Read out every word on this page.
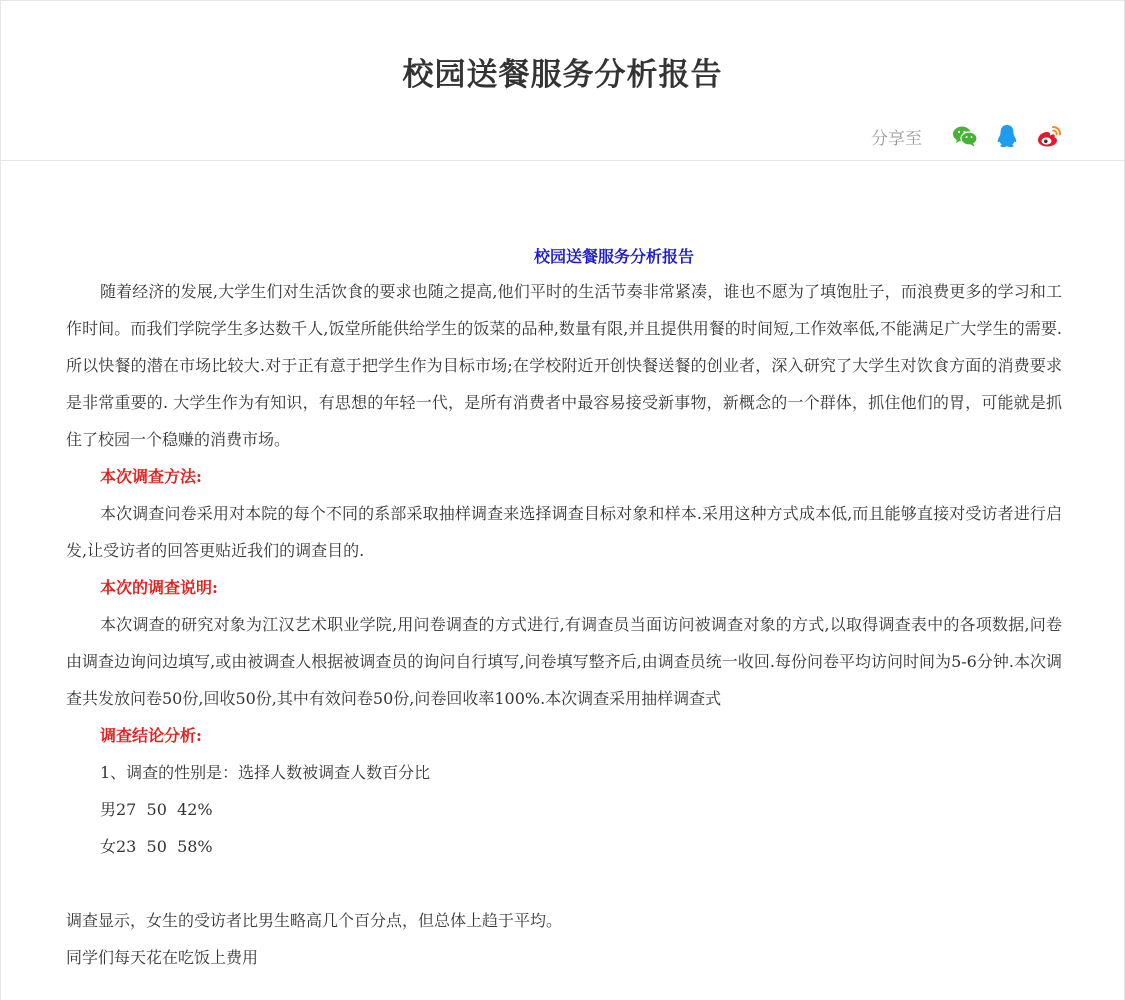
校园送餐服务分析报告
分享至
校园送餐服务分析报告

随着经济的发展,大学生们对生活饮食的要求也随之提高,他们平时的生活节奏非常紧凑，谁也不愿为了填饱肚子，而浪费更多的学习和工作时间。而我们学院学生多达数千人,饭堂所能供给学生的饭菜的品种,数量有限,并且提供用餐的时间短,工作效率低,不能满足广大学生的需要. 所以快餐的潜在市场比较大.对于正有意于把学生作为目标市场;在学校附近开创快餐送餐的创业者，深入研究了大学生对饮食方面的消费要求是非常重要的. 大学生作为有知识，有思想的年轻一代，是所有消费者中最容易接受新事物，新概念的一个群体，抓住他们的胃，可能就是抓住了校园一个稳赚的消费市场。

本次调查方法:

本次调查问卷采用对本院的每个不同的系部采取抽样调查来选择调查目标对象和样本.采用这种方式成本低,而且能够直接对受访者进行启发,让受访者的回答更贴近我们的调查目的.

本次的调查说明:

本次调查的研究对象为江汉艺术职业学院,用问卷调查的方式进行,有调查员当面访问被调查对象的方式,以取得调查表中的各项数据,问卷由调查边询问边填写,或由被调查人根据被调查员的询问自行填写,问卷填写整齐后,由调查员统一收回.每份问卷平均访问时间为5-6分钟.本次调查共发放问卷50份,回收50份,其中有效问卷50份,问卷回收率100%.本次调查采用抽样调查式

调查结论分析:

1、调查的性别是：选择人数被调查人数百分比

男27  50  42%

女23  50  58%

调查显示，女生的受访者比男生略高几个百分点，但总体上趋于平均。

同学们每天花在吃饭上费用
